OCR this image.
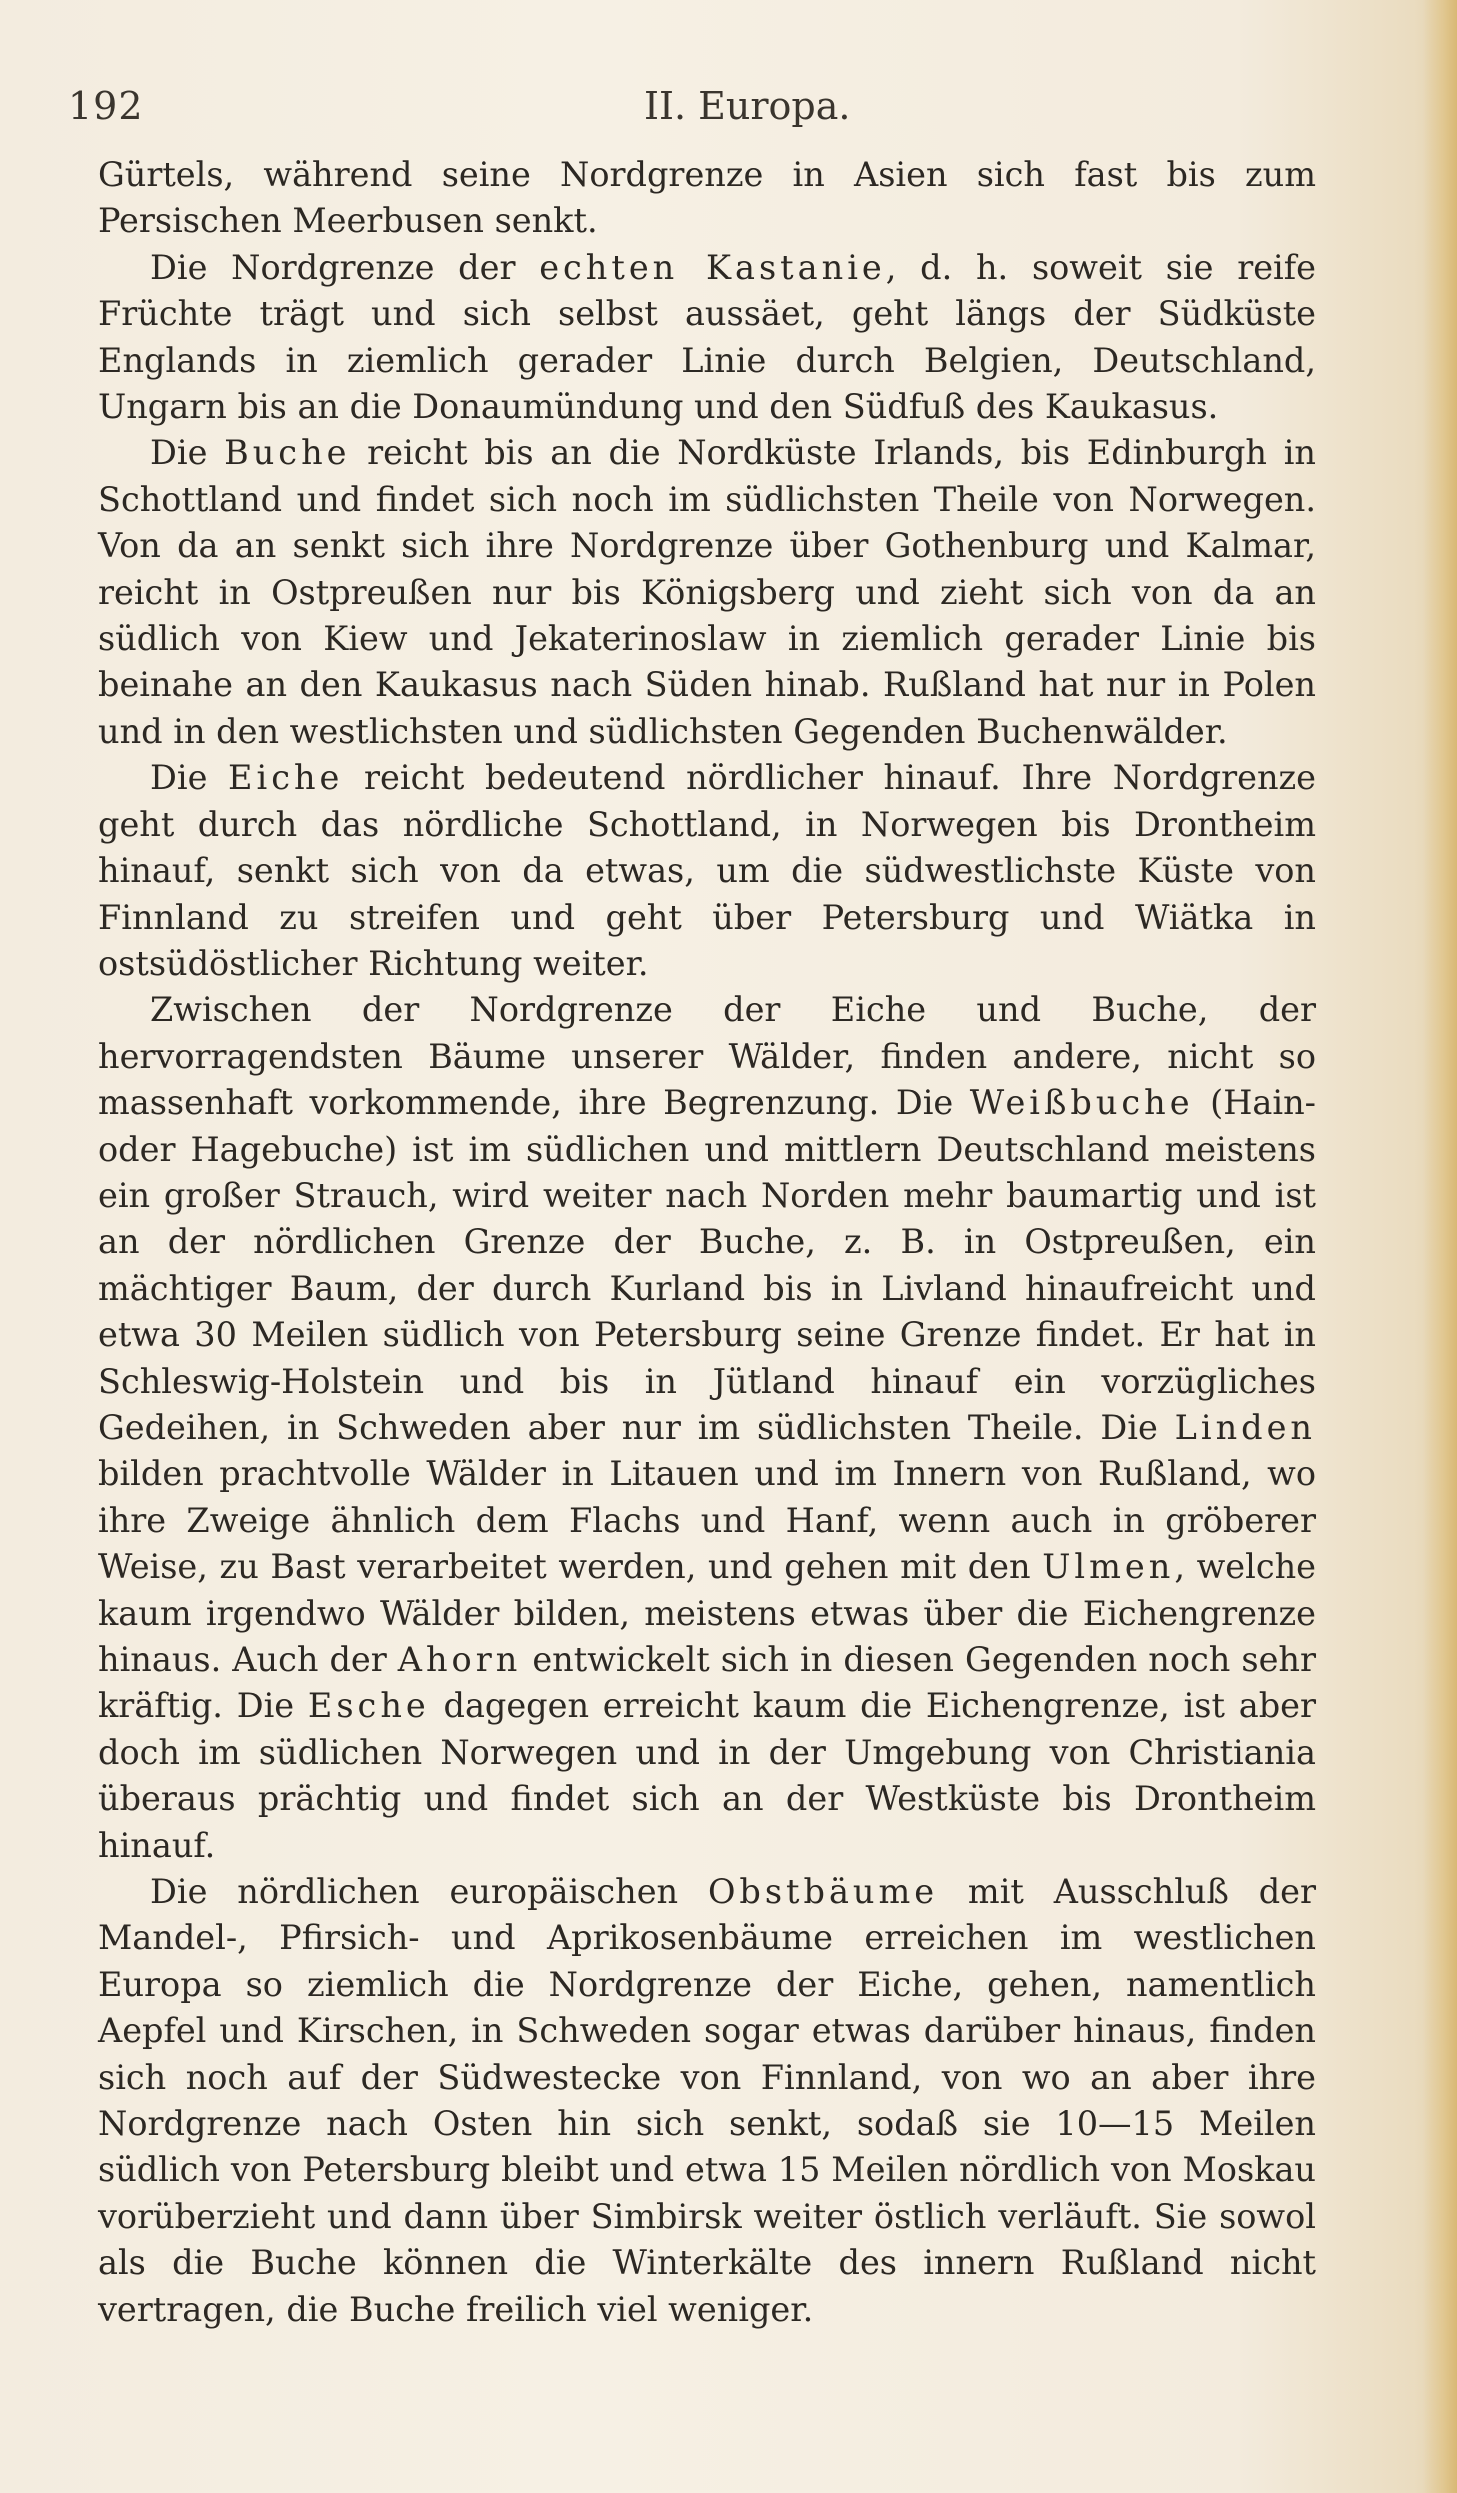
192	II. Europa.

Gürtels, während seine Nordgrenze in Asien sich fast bis zum Persischen Meerbusen senkt.

Die Nordgrenze der echten Kastanie, d. h. soweit sie reife Früchte trägt und sich selbst aussäet, geht längs der Südküste Englands in ziemlich gerader Linie durch Belgien, Deutschland, Ungarn bis an die Donaumündung und den Südfuß des Kaukasus.

Die Buche reicht bis an die Nordküste Irlands, bis Edinburgh in Schottland und findet sich noch im südlichsten Theile von Norwegen. Von da an senkt sich ihre Nordgrenze über Gothenburg und Kalmar, reicht in Ostpreußen nur bis Königsberg und zieht sich von da an südlich von Kiew und Jekaterinoslaw in ziemlich gerader Linie bis beinahe an den Kaukasus nach Süden hinab. Rußland hat nur in Polen und in den westlichsten und südlichsten Gegenden Buchenwälder.

Die Eiche reicht bedeutend nördlicher hinauf. Ihre Nordgrenze geht durch das nördliche Schottland, in Norwegen bis Drontheim hinauf, senkt sich von da etwas, um die südwestlichste Küste von Finnland zu streifen und geht über Petersburg und Wiätka in ostsüdöstlicher Richtung weiter.

Zwischen der Nordgrenze der Eiche und Buche, der hervorragendsten Bäume unserer Wälder, finden andere, nicht so massenhaft vorkommende, ihre Begrenzung. Die Weißbuche (Hain- oder Hagebuche) ist im südlichen und mittlern Deutschland meistens ein großer Strauch, wird weiter nach Norden mehr baumartig und ist an der nördlichen Grenze der Buche, z. B. in Ostpreußen, ein mächtiger Baum, der durch Kurland bis in Livland hinaufreicht und etwa 30 Meilen südlich von Petersburg seine Grenze findet. Er hat in Schleswig-Holstein und bis in Jütland hinauf ein vorzügliches Gedeihen, in Schweden aber nur im südlichsten Theile. Die Linden bilden prachtvolle Wälder in Litauen und im Innern von Rußland, wo ihre Zweige ähnlich dem Flachs und Hanf, wenn auch in gröberer Weise, zu Bast verarbeitet werden, und gehen mit den Ulmen, welche kaum irgendwo Wälder bilden, meistens etwas über die Eichengrenze hinaus. Auch der Ahorn entwickelt sich in diesen Gegenden noch sehr kräftig. Die Esche dagegen erreicht kaum die Eichengrenze, ist aber doch im südlichen Norwegen und in der Umgebung von Christiania überaus prächtig und findet sich an der Westküste bis Drontheim hinauf.

Die nördlichen europäischen Obstbäume mit Ausschluß der Mandel-, Pfirsich- und Aprikosenbäume erreichen im westlichen Europa so ziemlich die Nordgrenze der Eiche, gehen, namentlich Aepfel und Kirschen, in Schweden sogar etwas darüber hinaus, finden sich noch auf der Südwestecke von Finnland, von wo an aber ihre Nordgrenze nach Osten hin sich senkt, sodaß sie 10—15 Meilen südlich von Petersburg bleibt und etwa 15 Meilen nördlich von Moskau vorüberzieht und dann über Simbirsk weiter östlich verläuft. Sie sowol als die Buche können die Winterkälte des innern Rußland nicht vertragen, die Buche freilich viel weniger.
